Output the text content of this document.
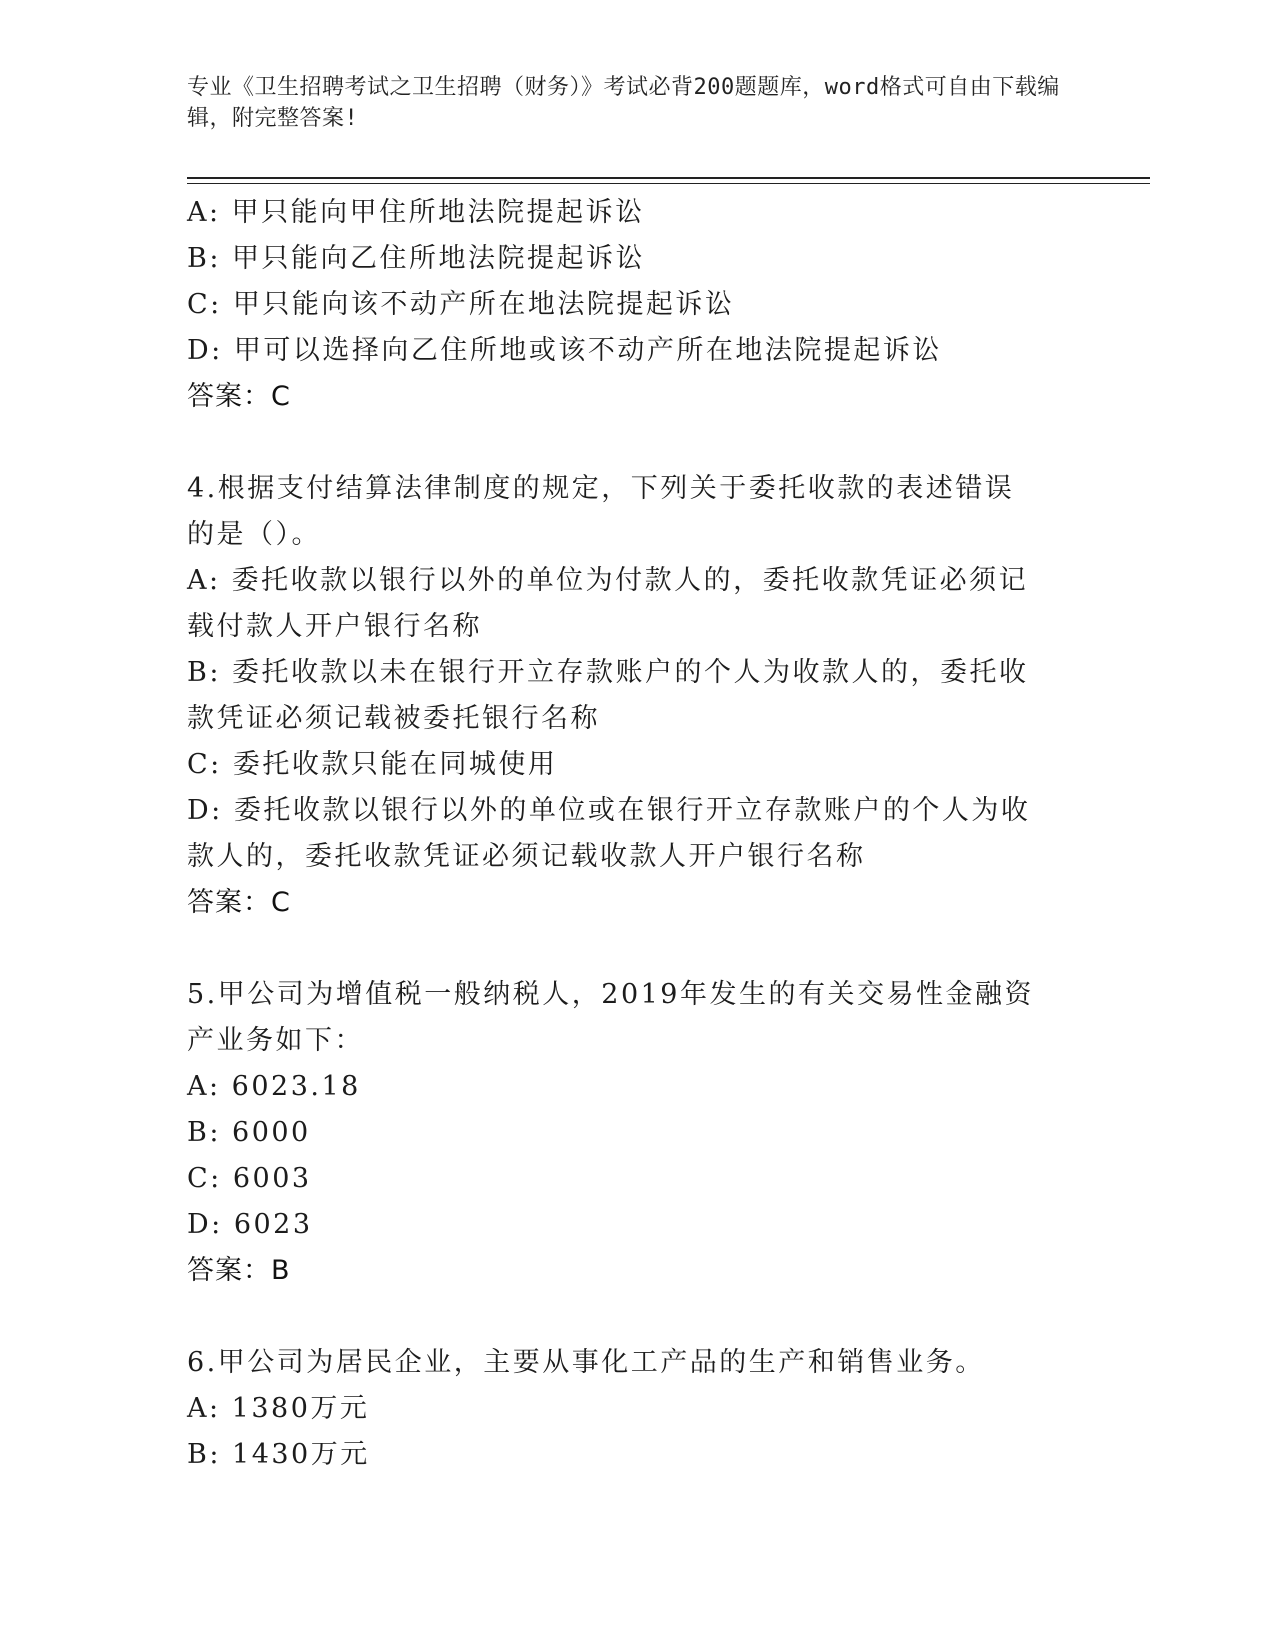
专业《卫生招聘考试之卫生招聘（财务）》考试必背200题题库，word格式可自由下载编辑，附完整答案!
A: 甲只能向甲住所地法院提起诉讼
B: 甲只能向乙住所地法院提起诉讼
C: 甲只能向该不动产所在地法院提起诉讼
D: 甲可以选择向乙住所地或该不动产所在地法院提起诉讼
答案：C
4.根据支付结算法律制度的规定，下列关于委托收款的表述错误的是（）。
A: 委托收款以银行以外的单位为付款人的，委托收款凭证必须记载付款人开户银行名称
B: 委托收款以未在银行开立存款账户的个人为收款人的，委托收款凭证必须记载被委托银行名称
C: 委托收款只能在同城使用
D: 委托收款以银行以外的单位或在银行开立存款账户的个人为收款人的，委托收款凭证必须记载收款人开户银行名称
答案：C
5.甲公司为增值税一般纳税人，2019年发生的有关交易性金融资产业务如下：
A: 6023.18
B: 6000
C: 6003
D: 6023
答案：B
6.甲公司为居民企业，主要从事化工产品的生产和销售业务。
A: 1380万元
B: 1430万元
